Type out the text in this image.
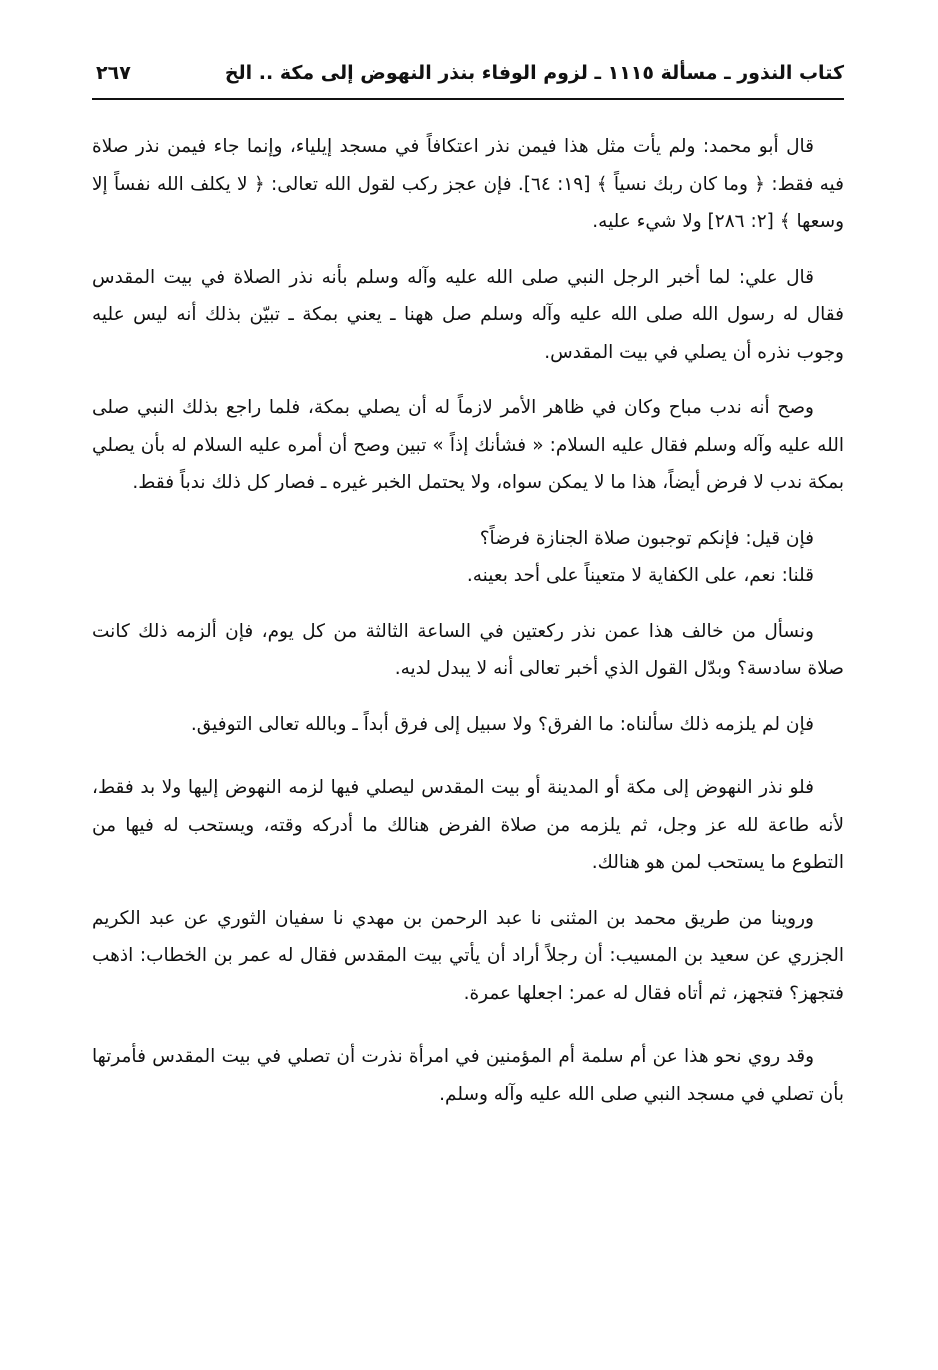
كتاب النذور ـ مسألة ١١١٥ ـ لزوم الوفاء بنذر النهوض إلى مكة .. الخ
٢٦٧

قال أبو محمد: ولم يأت مثل هذا فيمن نذر اعتكافاً في مسجد إيلياء، وإنما جاء فيمن نذر صلاة فيه فقط: ﴿ وما كان ربك نسياً ﴾ [١٩: ٦٤]. فإن عجز ركب لقول الله تعالى: ﴿ لا يكلف الله نفساً إلا وسعها ﴾ [٢: ٢٨٦] ولا شيء عليه.

قال علي: لما أخبر الرجل النبي صلى الله عليه وآله وسلم بأنه نذر الصلاة في بيت المقدس فقال له رسول الله صلى الله عليه وآله وسلم صل ههنا ـ يعني بمكة ـ تبيّن بذلك أنه ليس عليه وجوب نذره أن يصلي في بيت المقدس.

وصح أنه ندب مباح وكان في ظاهر الأمر لازماً له أن يصلي بمكة، فلما راجع بذلك النبي صلى الله عليه وآله وسلم فقال عليه السلام: « فشأنك إذاً » تبين وصح أن أمره عليه السلام له بأن يصلي بمكة ندب لا فرض أيضاً، هذا ما لا يمكن سواه، ولا يحتمل الخبر غيره ـ فصار كل ذلك ندباً فقط.

فإن قيل: فإنكم توجبون صلاة الجنازة فرضاً؟

قلنا: نعم، على الكفاية لا متعيناً على أحد بعينه.

ونسأل من خالف هذا عمن نذر ركعتين في الساعة الثالثة من كل يوم، فإن ألزمه ذلك كانت صلاة سادسة؟ وبدّل القول الذي أخبر تعالى أنه لا يبدل لديه.

فإن لم يلزمه ذلك سألناه: ما الفرق؟ ولا سبيل إلى فرق أبداً ـ وبالله تعالى التوفيق.

فلو نذر النهوض إلى مكة أو المدينة أو بيت المقدس ليصلي فيها لزمه النهوض إليها ولا بد فقط، لأنه طاعة لله عز وجل، ثم يلزمه من صلاة الفرض هنالك ما أدركه وقته، ويستحب له فيها من التطوع ما يستحب لمن هو هنالك.

وروينا من طريق محمد بن المثنى نا عبد الرحمن بن مهدي نا سفيان الثوري عن عبد الكريم الجزري عن سعيد بن المسيب: أن رجلاً أراد أن يأتي بيت المقدس فقال له عمر بن الخطاب: اذهب فتجهز؟ فتجهز، ثم أتاه فقال له عمر: اجعلها عمرة.

وقد روي نحو هذا عن أم سلمة أم المؤمنين في امرأة نذرت أن تصلي في بيت المقدس فأمرتها بأن تصلي في مسجد النبي صلى الله عليه وآله وسلم.
